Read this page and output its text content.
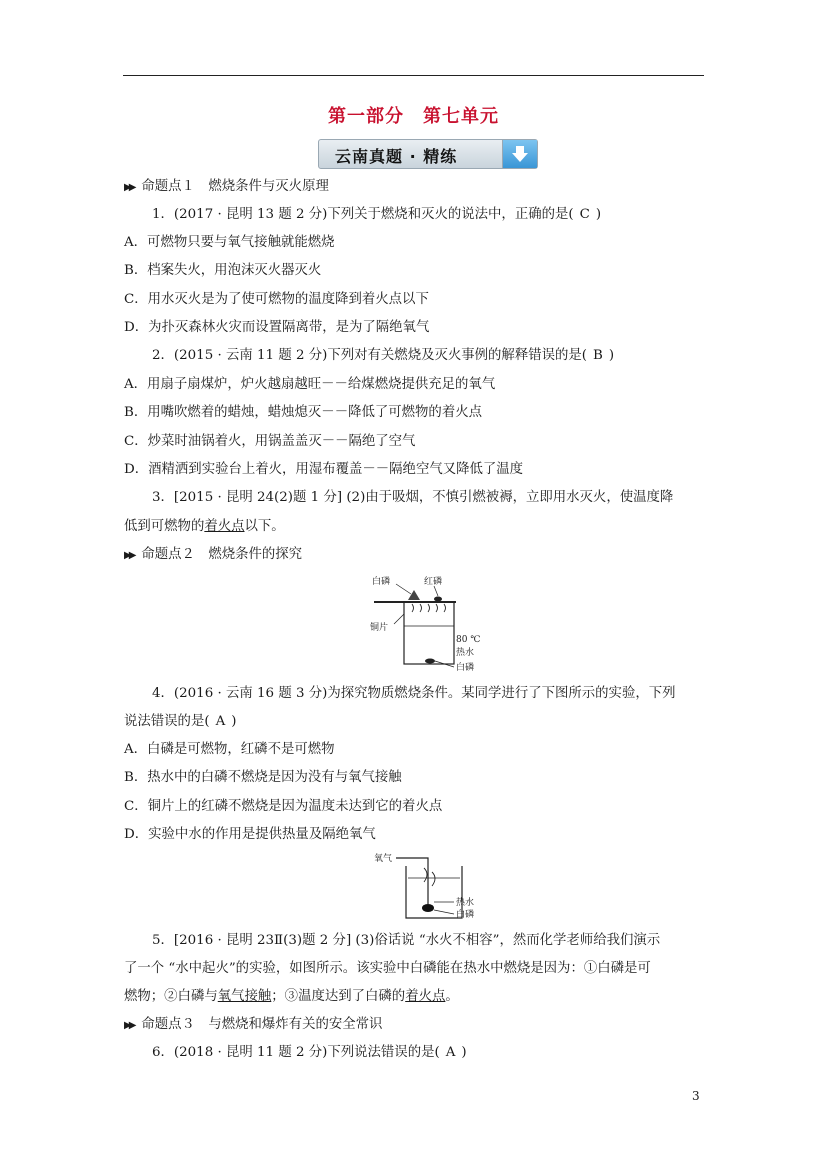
第一部分　第七单元
云南真题 · 精练
▶▶ 命题点１　燃烧条件与灭火原理
1．(2017 · 昆明 13 题 2 分)下列关于燃烧和灭火的说法中，正确的是( C )
A．可燃物只要与氧气接触就能燃烧
B．档案失火，用泡沫灭火器灭火
C．用水灭火是为了使可燃物的温度降到着火点以下
D．为扑灭森林火灾而设置隔离带，是为了隔绝氧气
2．(2015 · 云南 11 题 2 分)下列对有关燃烧及灭火事例的解释错误的是( B )
A．用扇子扇煤炉，炉火越扇越旺－－给煤燃烧提供充足的氧气
B．用嘴吹燃着的蜡烛，蜡烛熄灭－－降低了可燃物的着火点
C．炒菜时油锅着火，用锅盖盖灭－－隔绝了空气
D．酒精洒到实验台上着火，用湿布覆盖－－隔绝空气又降低了温度
3．[2015 · 昆明 24(2)题 1 分] (2)由于吸烟，不慎引燃被褥，立即用水灭火，使温度降
低到可燃物的着火点以下。
▶▶ 命题点２　燃烧条件的探究
白磷	红磷
铜片
80 ℃
热水
白磷
4．(2016 · 云南 16 题 3 分)为探究物质燃烧条件。某同学进行了下图所示的实验，下列
说法错误的是( A )
A．白磷是可燃物，红磷不是可燃物
B．热水中的白磷不燃烧是因为没有与氧气接触
C．铜片上的红磷不燃烧是因为温度未达到它的着火点
D．实验中水的作用是提供热量及隔绝氧气
氧气
热水
白磷
5．[2016 · 昆明 23Ⅱ(3)题 2 分] (3)俗话说 “水火不相容”，然而化学老师给我们演示
了一个 “水中起火”的实验，如图所示。该实验中白磷能在热水中燃烧是因为：①白磷是可
燃物；②白磷与氧气接触；③温度达到了白磷的着火点。
▶▶ 命题点３　与燃烧和爆炸有关的安全常识
6．(2018 · 昆明 11 题 2 分)下列说法错误的是( A )
3
